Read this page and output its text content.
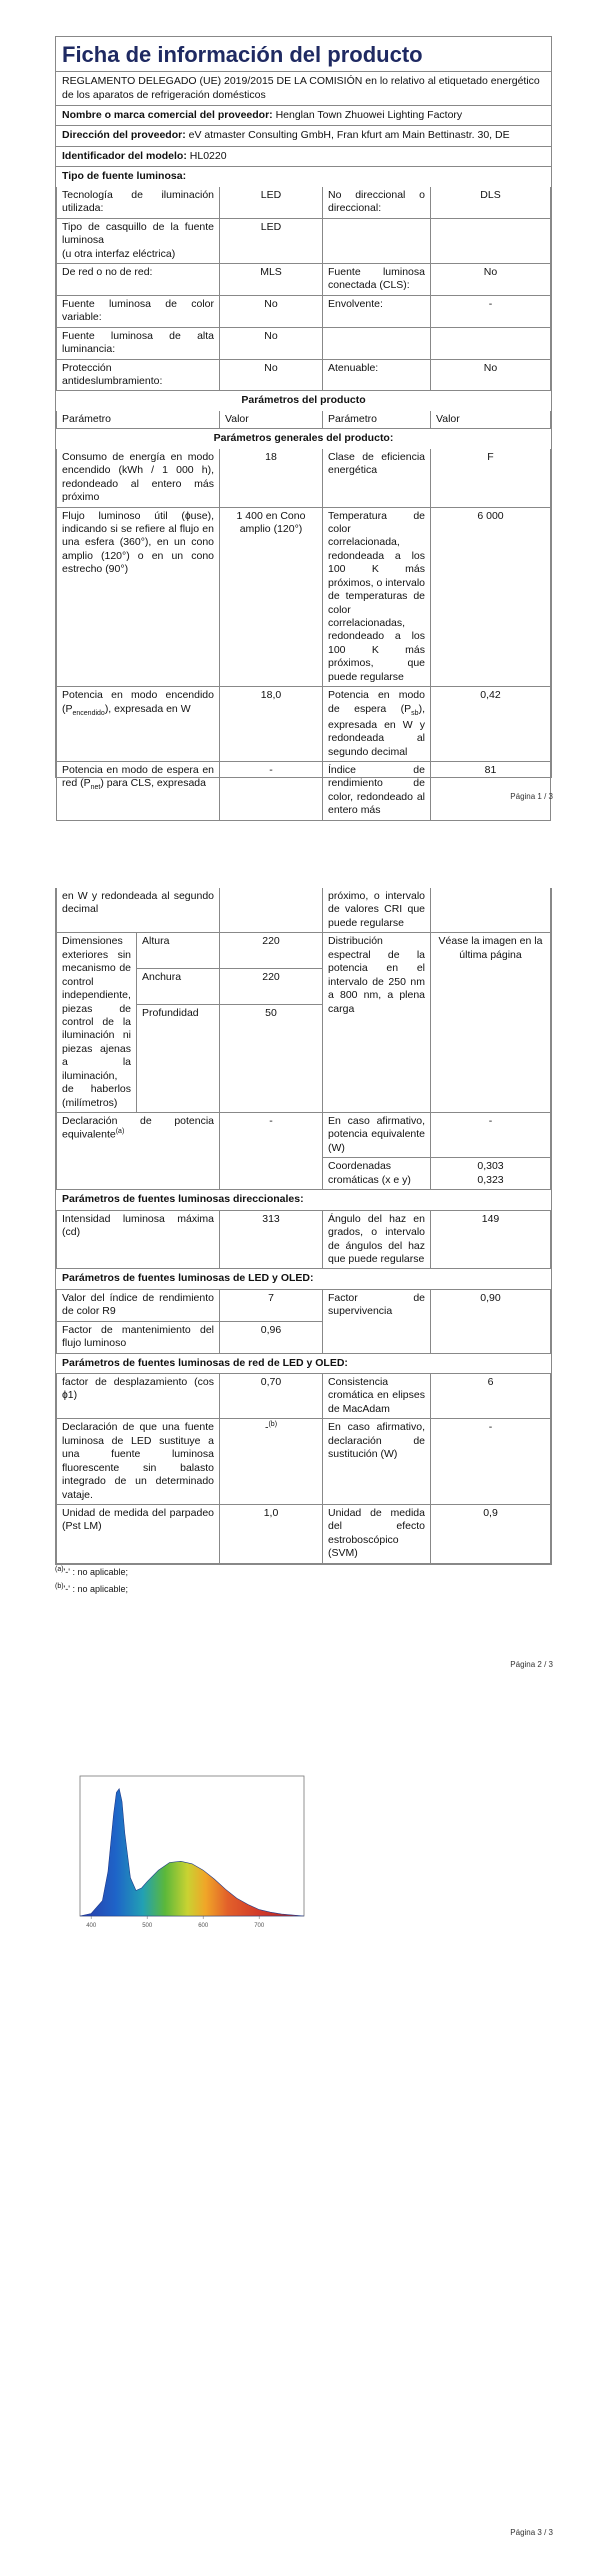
Ficha de información del producto
REGLAMENTO DELEGADO (UE) 2019/2015 DE LA COMISIÓN en lo relativo al etiquetado energético de los aparatos de refrigeración domésticos
Nombre o marca comercial del proveedor: Henglan Town Zhuowei Lighting Factory
Dirección del proveedor: eV atmaster Consulting GmbH, Fran kfurt am Main Bettinastr. 30, DE
Identificador del modelo: HL0220
Tipo de fuente luminosa:
Tecnología de iluminación utilizada:	LED	No direccional o direccional:	DLS
Tipo de casquillo de la fuente luminosa
(u otra interfaz eléctrica)	LED		
De red o no de red:	MLS	Fuente luminosa conectada (CLS):	No
Fuente luminosa de color variable:	No	Envolvente:	-
Fuente luminosa de alta luminancia:	No		
Protección antideslumbramiento:	No	Atenuable:	No
Parámetros del producto
Parámetro	Valor	Parámetro	Valor
Parámetros generales del producto:
Consumo de energía en modo encendido (kWh / 1 000 h), redondeado al entero más próximo	18	Clase de eficiencia energética	F
Flujo luminoso útil (ɸuse), indicando si se refiere al flujo en una esfera (360°), en un cono amplio (120°) o en un cono estrecho (90°)	1 400 en Cono amplio (120°)	Temperatura de color correlacionada, redondeada a los 100 K más próximos, o intervalo de temperaturas de color correlacionadas, redondeado a los 100 K más próximos, que puede regularse	6 000
Potencia en modo encendido $(P_{encendido})$, expresada en W	18,0	Potencia en modo de espera $(P_{sb})$, expresada en W y redondeada al segundo decimal	0,42
Potencia en modo de espera en red $(P_{net})$ para CLS, expresada	-	Índice de rendimiento de color, redondeado al entero más	81
Página 1 / 3
en W y redondeada al segundo decimal			próximo, o intervalo de valores CRI que puede regularse	
Dimensiones exteriores sin mecanismo de control independiente, piezas de control de la iluminación ni piezas ajenas a la iluminación, de haberlos (milímetros)	Altura	220	Distribución espectral de la potencia en el intervalo de 250 nm a 800 nm, a plena carga	Véase la imagen en la última página
	Anchura	220		
	Profundidad	50		
Declaración de potencia equivalente$^{(a)}$		-	En caso afirmativo, potencia equivalente (W)	-
			Coordenadas cromáticas (x e y)	0,303
0,323
Parámetros de fuentes luminosas direccionales:
Intensidad luminosa máxima (cd)	313	Ángulo del haz en grados, o intervalo de ángulos del haz que puede regularse	149
Parámetros de fuentes luminosas de LED y OLED:
Valor del índice de rendimiento de color R9	7	Factor de supervivencia	0,90
Factor de mantenimiento del flujo luminoso	0,96		
Parámetros de fuentes luminosas de red de LED y OLED:
factor de desplazamiento (cos ɸ1)	0,70	Consistencia cromática en elipses de MacAdam	6
Declaración de que una fuente luminosa de LED sustituye a una fuente luminosa fluorescente sin balasto integrado de un determinado vataje.	-$^{(b)}$	En caso afirmativo, declaración de sustitución (W)	-
Unidad de medida del parpadeo (Pst LM)	1,0	Unidad de medida del efecto estroboscópico (SVM)	0,9
$^{(a)}$'-' : no aplicable;
$^{(b)}$'-' : no aplicable;
Página 2 / 3
400	500	600	700
Página 3 / 3
